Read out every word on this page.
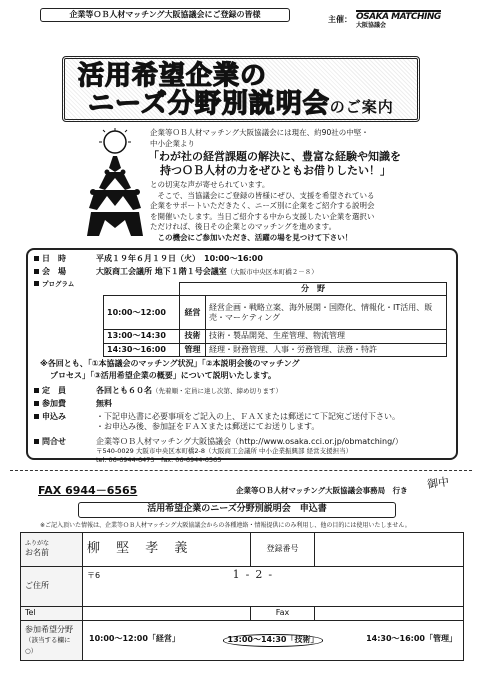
企業等ＯＢ人材マッチング大阪協議会にご登録の皆様
主催： OSAKA MATCHING
大阪協議会
活用希望企業の
ニーズ分野別説明会のご案内
企業等ＯＢ人材マッチング大阪協議会には現在、約90社の中堅・
中小企業より
「わが社の経営課題の解決に、豊富な経験や知識を
持つＯＢ人材の力をぜひともお借りしたい！」
との切実な声が寄せられています。
　そこで、当協議会にご登録の皆様にぜひ、支援を希望されている
企業をサポートいただきたく、ニーズ別に企業をご紹介する説明会
を開催いたします。当日ご紹介する中から支援したい企業を選択い
ただければ、後日その企業とのマッチングを進めます。
　この機会にご参加いただき、活躍の場を見つけて下さい！
日　時	平成１９年６月１９日（火）　10:00～16:00
会　場	大阪商工会議所 地下１階１号会議室 （大阪市中央区本町橋２－８）
プログラム
		分　野	
10:00～12:00	経営	経営企画・戦略立案、海外展開・国際化、情報化・IT活用、販売・マーケティング
13:00～14:30	技術	技術・製品開発、生産管理、物流管理
14:30～16:00	管理	経理・財務管理、人事・労務管理、法務・特許
※各回とも、「①本協議会のマッチング状況」「②本説明会後のマッチング
プロセス」「③活用希望企業の概要」について説明いたします。
定　員	各回とも６０名 （先着順・定員に達し次第、締め切ります）
参加費	無料
申込み	・下記申込書に必要事項をご記入の上、ＦＡＸまたは郵送にて下記宛ご送付下さい。
・お申込み後、参加証をＦＡＸまたは郵送にてお送りします。
問合せ	企業等ＯＢ人材マッチング大阪協議会（http://www.osaka.cci.or.jp/obmatching/）
〒540-0029 大阪市中央区本町橋2-8（大阪商工会議所 中小企業振興部 経営支援担当）
tel. 06-6944-6473　fax. 06-6944-6565
FAX 6944－6565	企業等ＯＢ人材マッチング大阪協議会事務局　行き 御中
活用希望企業のニーズ分野別説明会　申込書
※ご記入頂いた情報は、企業等ＯＢ人材マッチング大阪協議会からの各種連絡・情報提供にのみ利用し、他の目的には使用いたしません。
ふりがな
お名前	柳 𡌛 孝 義	登録番号	
ご住所	〒6 1-2-		
Tel		Fax	
参加希望分野
（該当する欄に○）	10:00～12:00「経営」 13:00～14:30「技術」 14:30～16:00「管理」		
